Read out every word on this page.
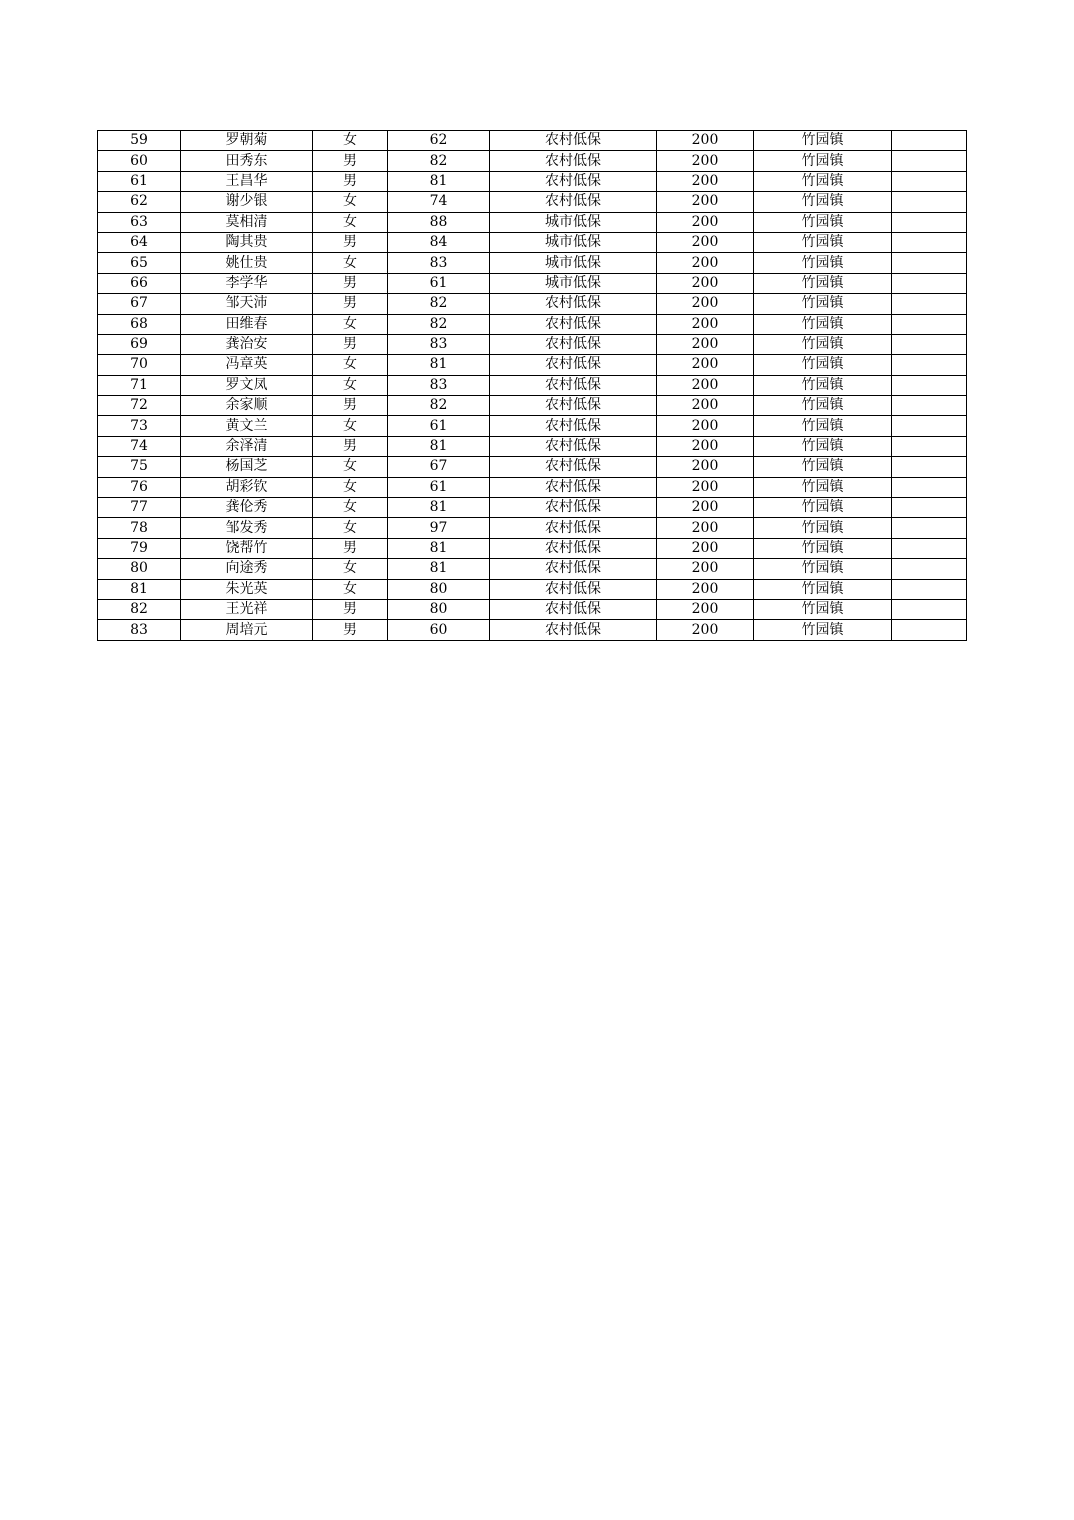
59	罗朝菊	女	62	农村低保	200	竹园镇	
60	田秀东	男	82	农村低保	200	竹园镇	
61	王昌华	男	81	农村低保	200	竹园镇	
62	谢少银	女	74	农村低保	200	竹园镇	
63	莫相清	女	88	城市低保	200	竹园镇	
64	陶其贵	男	84	城市低保	200	竹园镇	
65	姚仕贵	女	83	城市低保	200	竹园镇	
66	李学华	男	61	城市低保	200	竹园镇	
67	邹天沛	男	82	农村低保	200	竹园镇	
68	田维春	女	82	农村低保	200	竹园镇	
69	龚治安	男	83	农村低保	200	竹园镇	
70	冯章英	女	81	农村低保	200	竹园镇	
71	罗文凤	女	83	农村低保	200	竹园镇	
72	余家顺	男	82	农村低保	200	竹园镇	
73	黄文兰	女	61	农村低保	200	竹园镇	
74	余泽清	男	81	农村低保	200	竹园镇	
75	杨国芝	女	67	农村低保	200	竹园镇	
76	胡彩钦	女	61	农村低保	200	竹园镇	
77	龚伦秀	女	81	农村低保	200	竹园镇	
78	邹发秀	女	97	农村低保	200	竹园镇	
79	饶帮竹	男	81	农村低保	200	竹园镇	
80	向途秀	女	81	农村低保	200	竹园镇	
81	朱光英	女	80	农村低保	200	竹园镇	
82	王光祥	男	80	农村低保	200	竹园镇	
83	周培元	男	60	农村低保	200	竹园镇	
